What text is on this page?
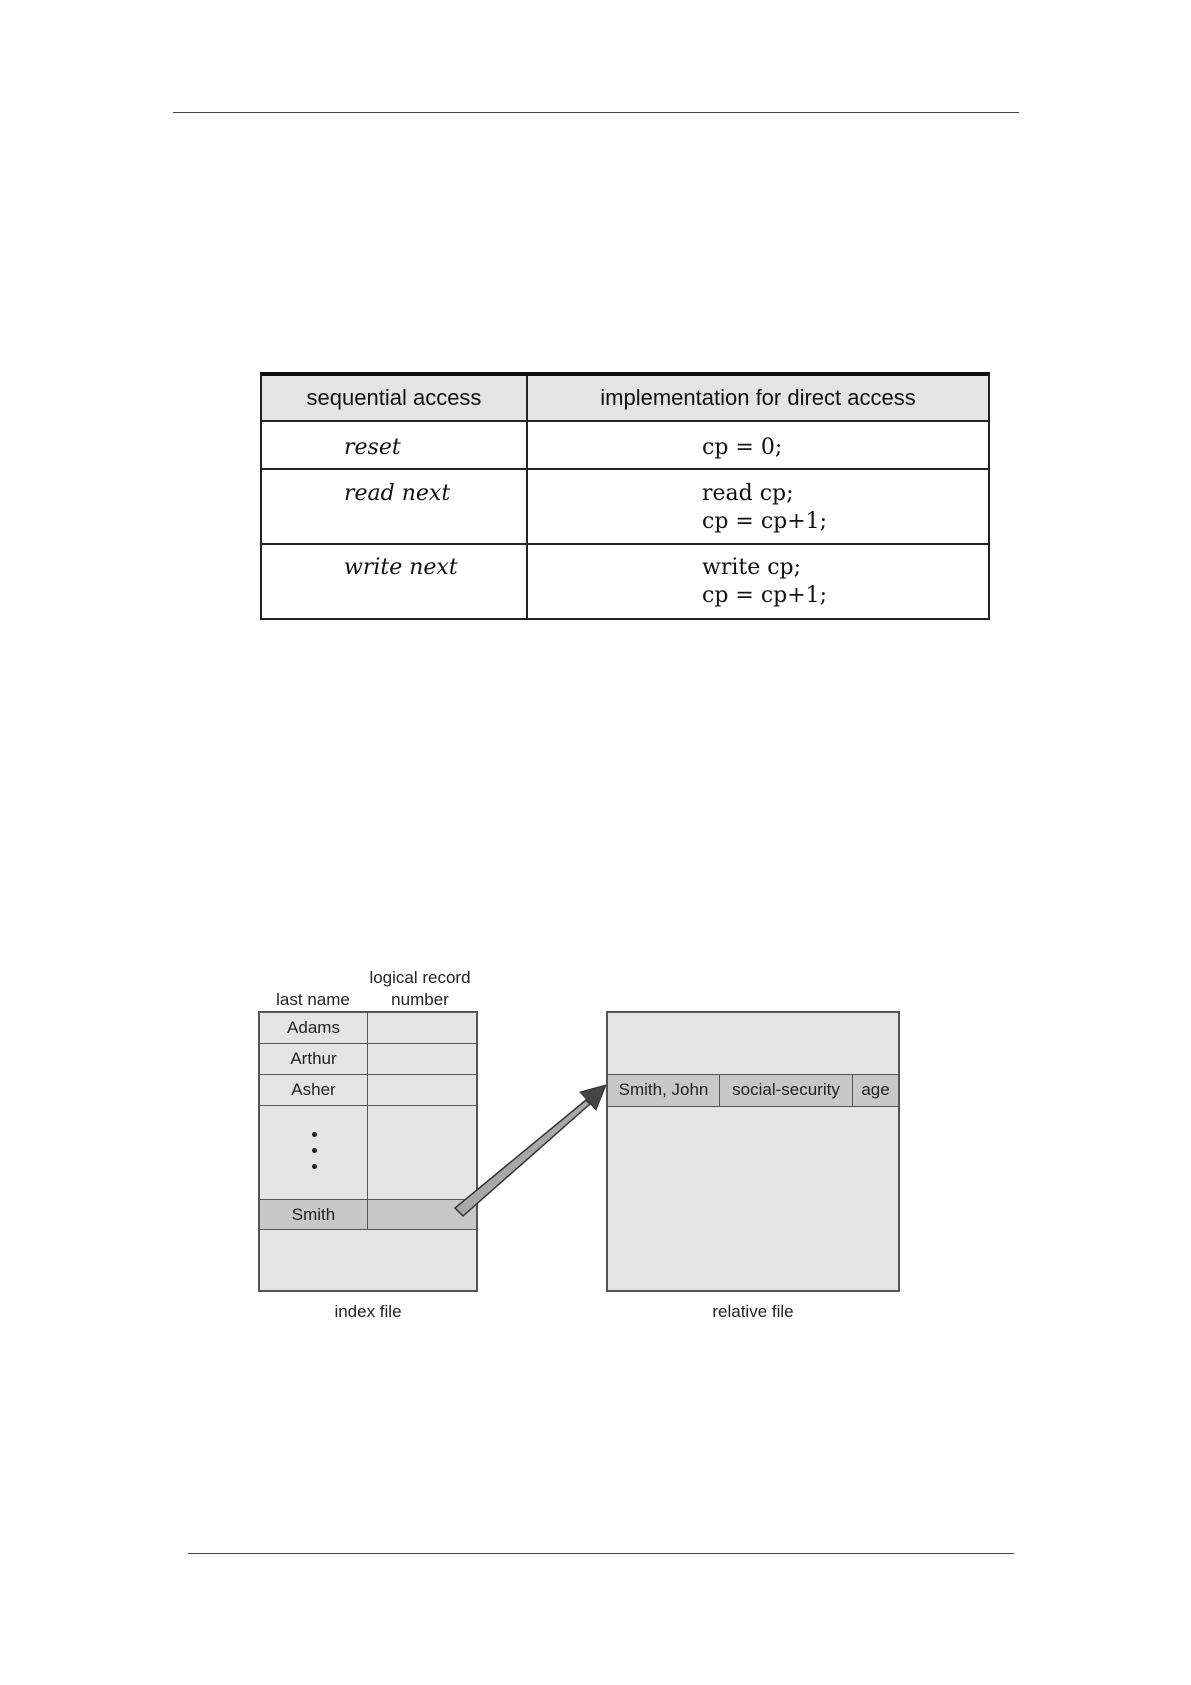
sequential access	implementation for direct access
reset	cp = 0;
read next	read cp;
cp = cp+1;
write next	write cp;
cp = cp+1;
last name
logical record
number
Adams
Arthur
Asher
Smith
index file
Smith, John	social-security	age
relative file
